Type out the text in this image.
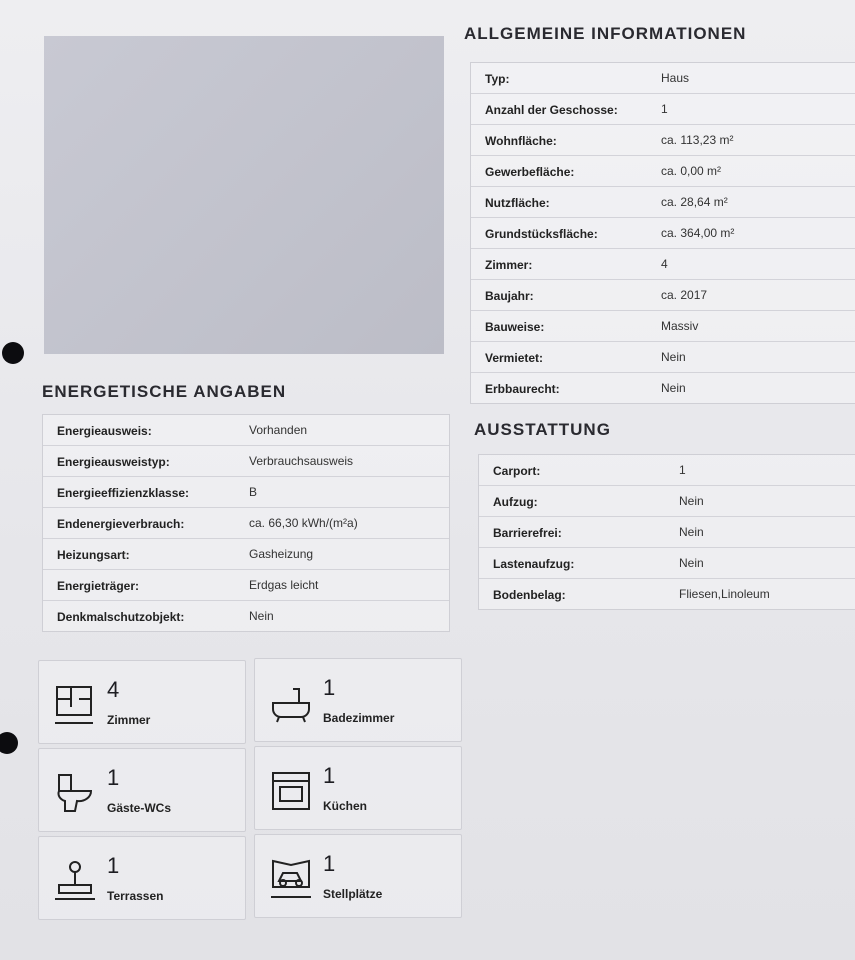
ALLGEMEINE INFORMATIONEN
Typ:	Haus
Anzahl der Geschosse:	1
Wohnfläche:	ca. 113,23 m²
Gewerbefläche:	ca. 0,00 m²
Nutzfläche:	ca. 28,64 m²
Grundstücksfläche:	ca. 364,00 m²
Zimmer:	4
Baujahr:	ca. 2017
Bauweise:	Massiv
Vermietet:	Nein
Erbbaurecht:	Nein
ENERGETISCHE ANGABEN
Energieausweis:	Vorhanden
Energieausweistyp:	Verbrauchsausweis
Energieeffizienzklasse:	B
Endenergieverbrauch:	ca. 66,30 kWh/(m²a)
Heizungsart:	Gasheizung
Energieträger:	Erdgas leicht
Denkmalschutzobjekt:	Nein
AUSSTATTUNG
Carport:	1
Aufzug:	Nein
Barrierefrei:	Nein
Lastenaufzug:	Nein
Bodenbelag:	Fliesen,Linoleum
4
Zimmer
1
Badezimmer
1
Gäste-WCs
1
Küchen
1
Terrassen
1
Stellplätze
